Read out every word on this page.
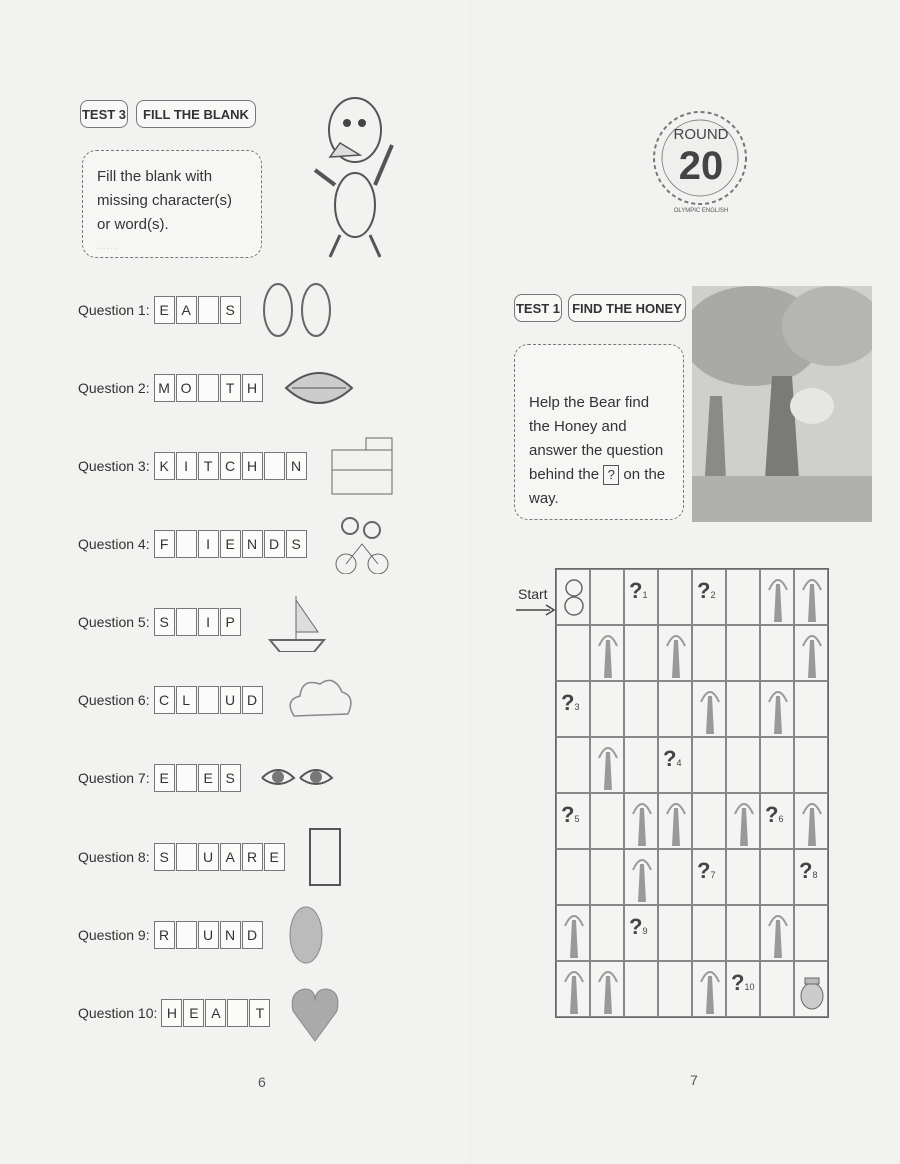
TEST 3	FILL THE BLANK
Fill the blank with missing character(s) or word(s).
Question 1: E A	S
Question 2: M O	T H
Question 3: K	I	T C H	N
Question 4: F	I	E N D S
Question 5: S	I	P
Question 6: C L	U D
Question 7: E	E S
Question 8: S	U A R E
Question 9: R	U N D
Question 10: H E A	T
6
……
ROUND
20
OLYMPIC ENGLISH
TEST 1 FIND THE HONEY
Help the Bear find the Honey and answer the question behind the ? on the way.
Start
7
?1 ?2
?3
?4
?5	?6
?7	?8
?9
?10
